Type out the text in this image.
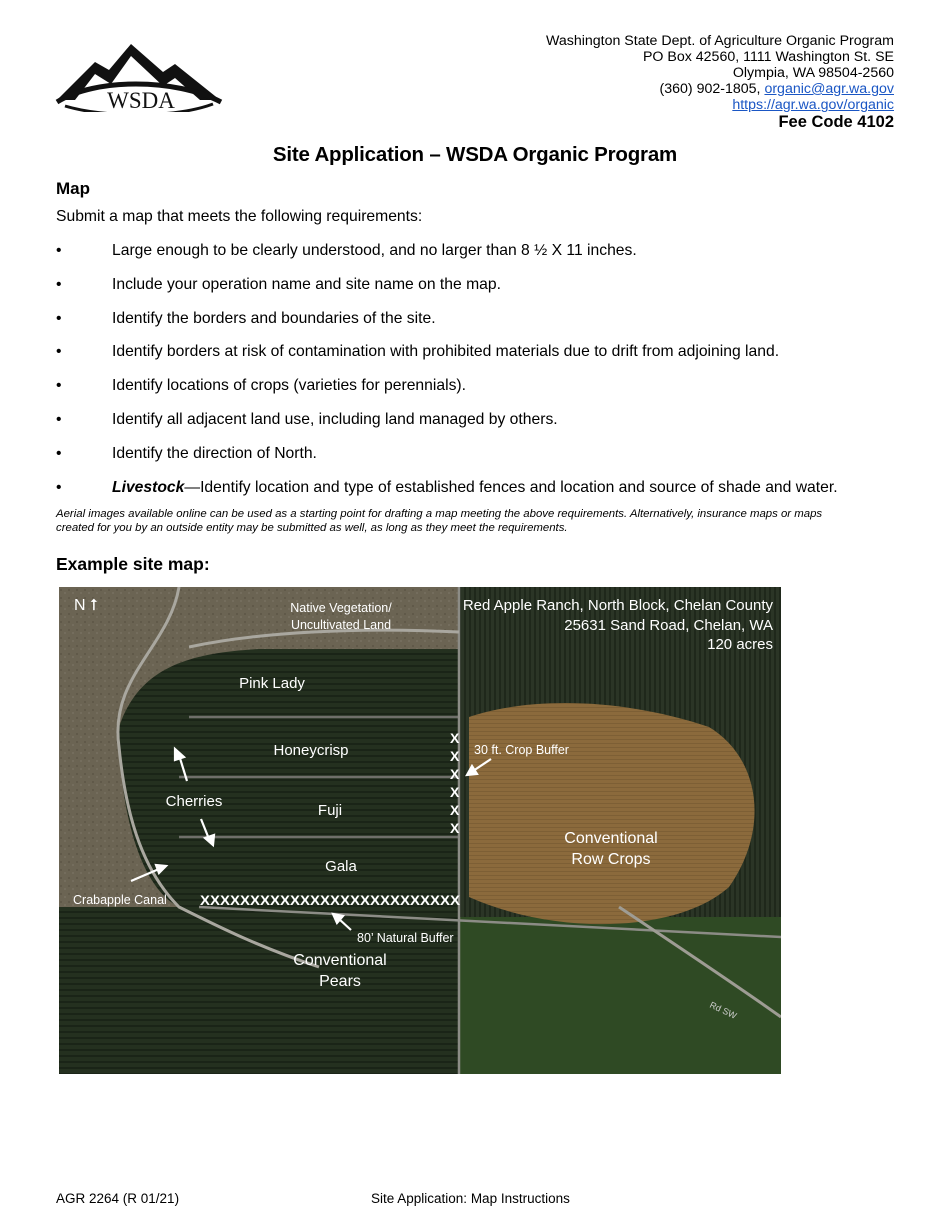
WSDA
Washington State Dept. of Agriculture Organic Program
PO Box 42560, 1111 Washington St. SE
Olympia, WA 98504-2560
(360) 902-1805, organic@agr.wa.gov
https://agr.wa.gov/organic
Fee Code 4102
Site Application – WSDA Organic Program
Map
Submit a map that meets the following requirements:
•	Large enough to be clearly understood, and no larger than 8 ½ X 11 inches.
•	Include your operation name and site name on the map.
•	Identify the borders and boundaries of the site.
•	Identify borders at risk of contamination with prohibited materials due to drift from adjoining land.
•	Identify locations of crops (varieties for perennials).
•	Identify all adjacent land use, including land managed by others.
•	Identify the direction of North.
•	Livestock—Identify location and type of established fences and location and source of shade and water.
Aerial images available online can be used as a starting point for drafting a map meeting the above requirements. Alternatively, insurance maps or maps
created for you by an outside entity may be submitted as well, as long as they meet the requirements.
Example site map:
N ⭡	Native Vegetation/
Uncultivated Land
Red Apple Ranch, North Block, Chelan County
25631 Sand Road, Chelan, WA
120 acres
Pink Lady
Honeycrisp
Fuji
Gala
Cherries
30 ft. Crop Buffer
Conventional
Row Crops
Crabapple Canal
80’ Natural Buffer
Conventional
Pears
Rd SW
X
X
X
X
X
X
XXXXXXXXXXXXXXXXXXXXXXXXXX
AGR 2264 (R 01/21)	Site Application: Map Instructions
